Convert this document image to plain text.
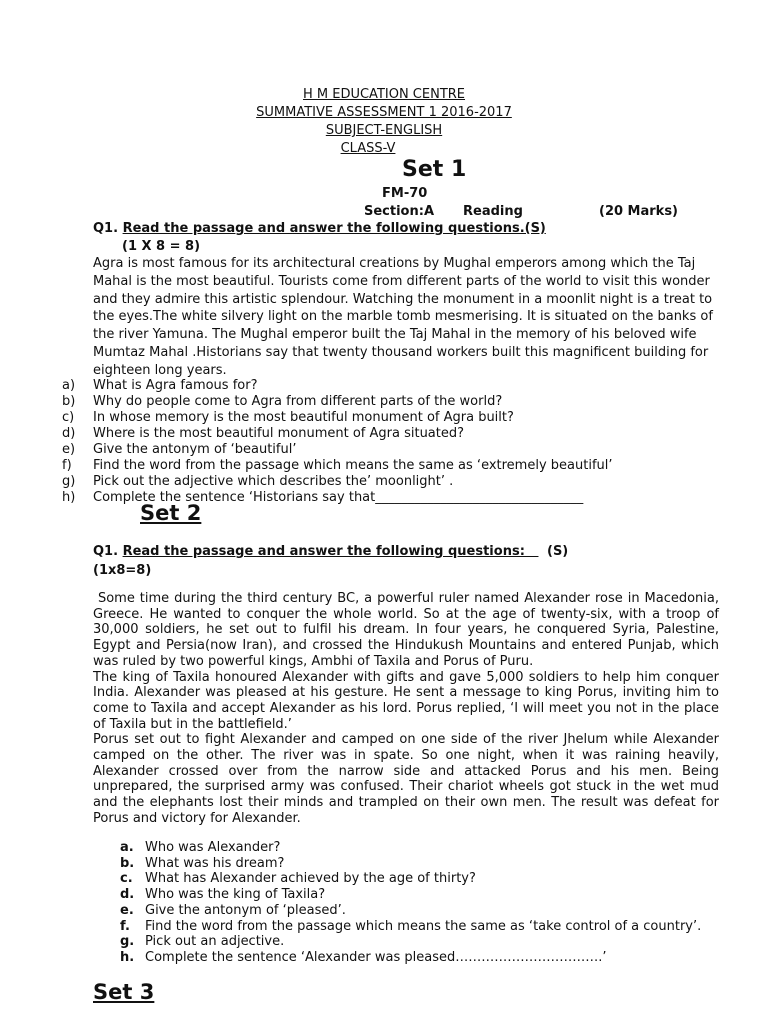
H M EDUCATION CENTRE
SUMMATIVE ASSESSMENT 1 2016-2017
SUBJECT-ENGLISH
CLASS-V
Set 1
FM-70
Section:A Reading	(20 Marks)
Q1. Read the passage and answer the following questions.(S)
(1 X 8 = 8)
Agra is most famous for its architectural creations by Mughal emperors among which the Taj Mahal is the most beautiful. Tourists come from different parts of the world to visit this wonder and they admire this artistic splendour. Watching the monument in a moonlit night is a treat to the eyes.The white silvery light on the marble tomb mesmerising. It is situated on the banks of the river Yamuna. The Mughal emperor built the Taj Mahal in the memory of his beloved wife Mumtaz Mahal .Historians say that twenty thousand workers built this magnificent building for eighteen long years.
a)	What is Agra famous for?
b)	Why do people come to Agra from different parts of the world?
c)	In whose memory is the most beautiful monument of Agra built?
d)	Where is the most beautiful monument of Agra situated?
e)	Give the antonym of ‘beautiful’
f)	Find the word from the passage which means the same as ‘extremely beautiful’
g)	Pick out the adjective which describes the’ moonlight’ .
h)	Complete the sentence ‘Historians say that________________________________
Set 2
Q1. Read the passage and answer the following questions:    (S)
(1x8=8)
Some time during the third century BC, a powerful ruler named Alexander rose in Macedonia, Greece. He wanted to conquer the whole world. So at the age of twenty-six, with a troop of 30,000 soldiers, he set out to fulfil his dream. In four years, he conquered Syria, Palestine, Egypt and Persia(now Iran), and crossed the Hindukush Mountains and entered Punjab, which was ruled by two powerful kings, Ambhi of Taxila and Porus of Puru.
The king of Taxila honoured Alexander with gifts and gave 5,000 soldiers to help him conquer India. Alexander was pleased at his gesture. He sent a message to king Porus, inviting him to come to Taxila and accept Alexander as his lord. Porus replied, ‘I will meet you not in the place of Taxila but in the battlefield.’
Porus set out to fight Alexander and camped on one side of the river Jhelum while Alexander camped on the other. The river was in spate. So one night, when it was raining heavily, Alexander crossed over from the narrow side and attacked Porus and his men. Being unprepared, the surprised army was confused. Their chariot wheels got stuck in the wet mud and the elephants lost their minds and trampled on their own men. The result was defeat for Porus and victory for Alexander.
a. Who was Alexander?
b. What was his dream?
c. What has Alexander achieved by the age of thirty?
d. Who was the king of Taxila?
e. Give the antonym of ‘pleased’.
f.	Find the word from the passage which means the same as ‘take control of a country’.
g. Pick out an adjective.
h. Complete the sentence ‘Alexander was pleased…………………………….’
Set 3
